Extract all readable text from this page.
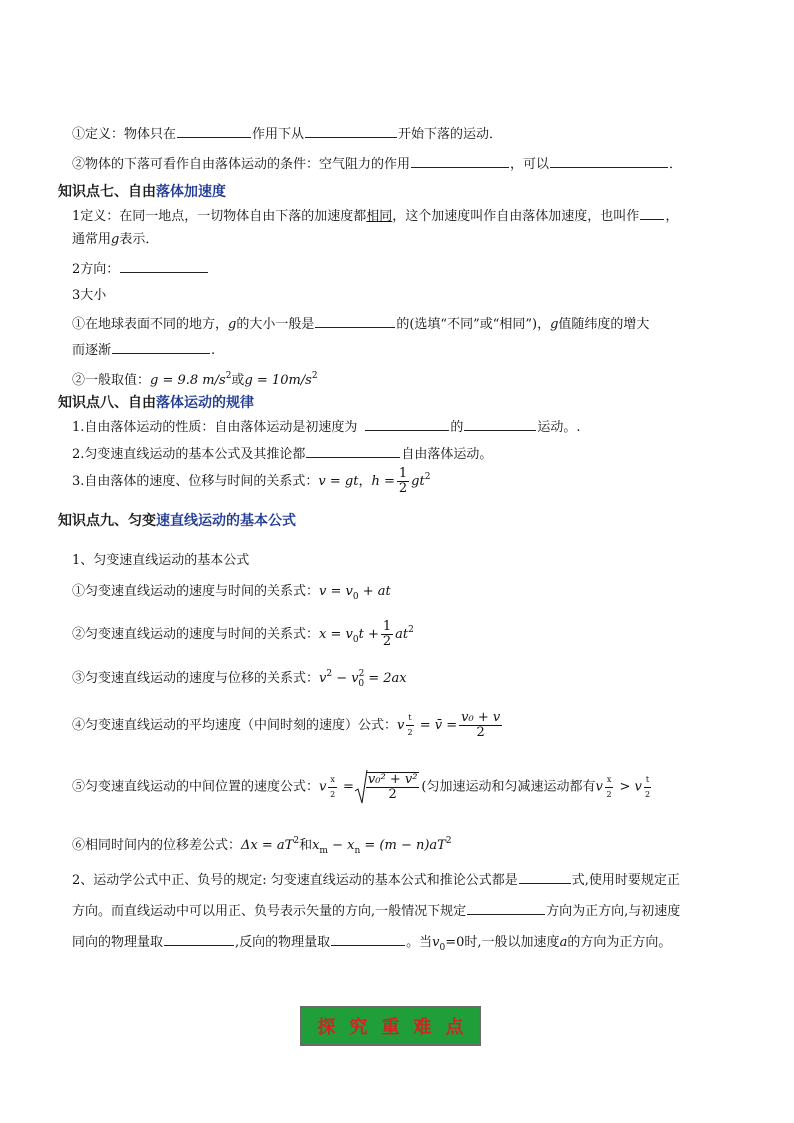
①定义：物体只在	作用下从	开始下落的运动．
②物体的下落可看作自由落体运动的条件：空气阻力的作用	，可以	．
知识点七、自由落体加速度
1定义：在同一地点，一切物体自由下落的加速度都相同，这个加速度叫作自由落体加速度，也叫作 ，
通常用g表示．
2方向：
3大小
①在地球表面不同的地方，g的大小一般是	的(选填“不同”或“相同”)，g值随纬度的增大
而逐渐	.
②一般取值：g = 9.8 $m/s^2$或$g = 10m/s^2$
知识点八、自由落体运动的规律
1.自由落体运动的性质：自由落体运动是初速度为	的	运动。.
2.匀变速直线运动的基本公式及其推论都	自由落体运动。
3.自由落体的速度、位移与时间的关系式：v = gt，$h = \frac{1}{2} gt^2$
知识点九、匀变速直线运动的基本公式
1、匀变速直线运动的基本公式
①匀变速直线运动的速度与时间的关系式：$v = v_0$ + at
②匀变速直线运动的速度与时间的关系式：$x = v_0t + \frac{1}{2} at^2$
③匀变速直线运动的速度与位移的关系式：$v^2 - v^2_0 = 2ax$
④匀变速直线运动的平均速度（中间时刻的速度）公式：v $\frac{t}{2}$ = v̄ = $\frac{\text{v₀ + v}}{2}$
⑤匀变速直线运动的中间位置的速度公式：v $\frac{x}{2} = \frac{\text{v₀² + v²}}{2}$ (匀加速运动和匀减速运动都有v $\frac{x}{2} > v \frac{t}{2}$
⑥相同时间内的位移差公式：$\Delta x = aT^2$和$x_m - x_n = (m - n)aT^2$
2、运动学公式中正、负号的规定: 匀变速直线运动的基本公式和推论公式都是	式,使用时要规定正
方向。而直线运动中可以用正、负号表示矢量的方向,一般情况下规定	方向为正方向,与初速度
同向的物理量取	,反向的物理量取	。当$v_0=0$时,一般以加速度a的方向为正方向。
探究重难点
